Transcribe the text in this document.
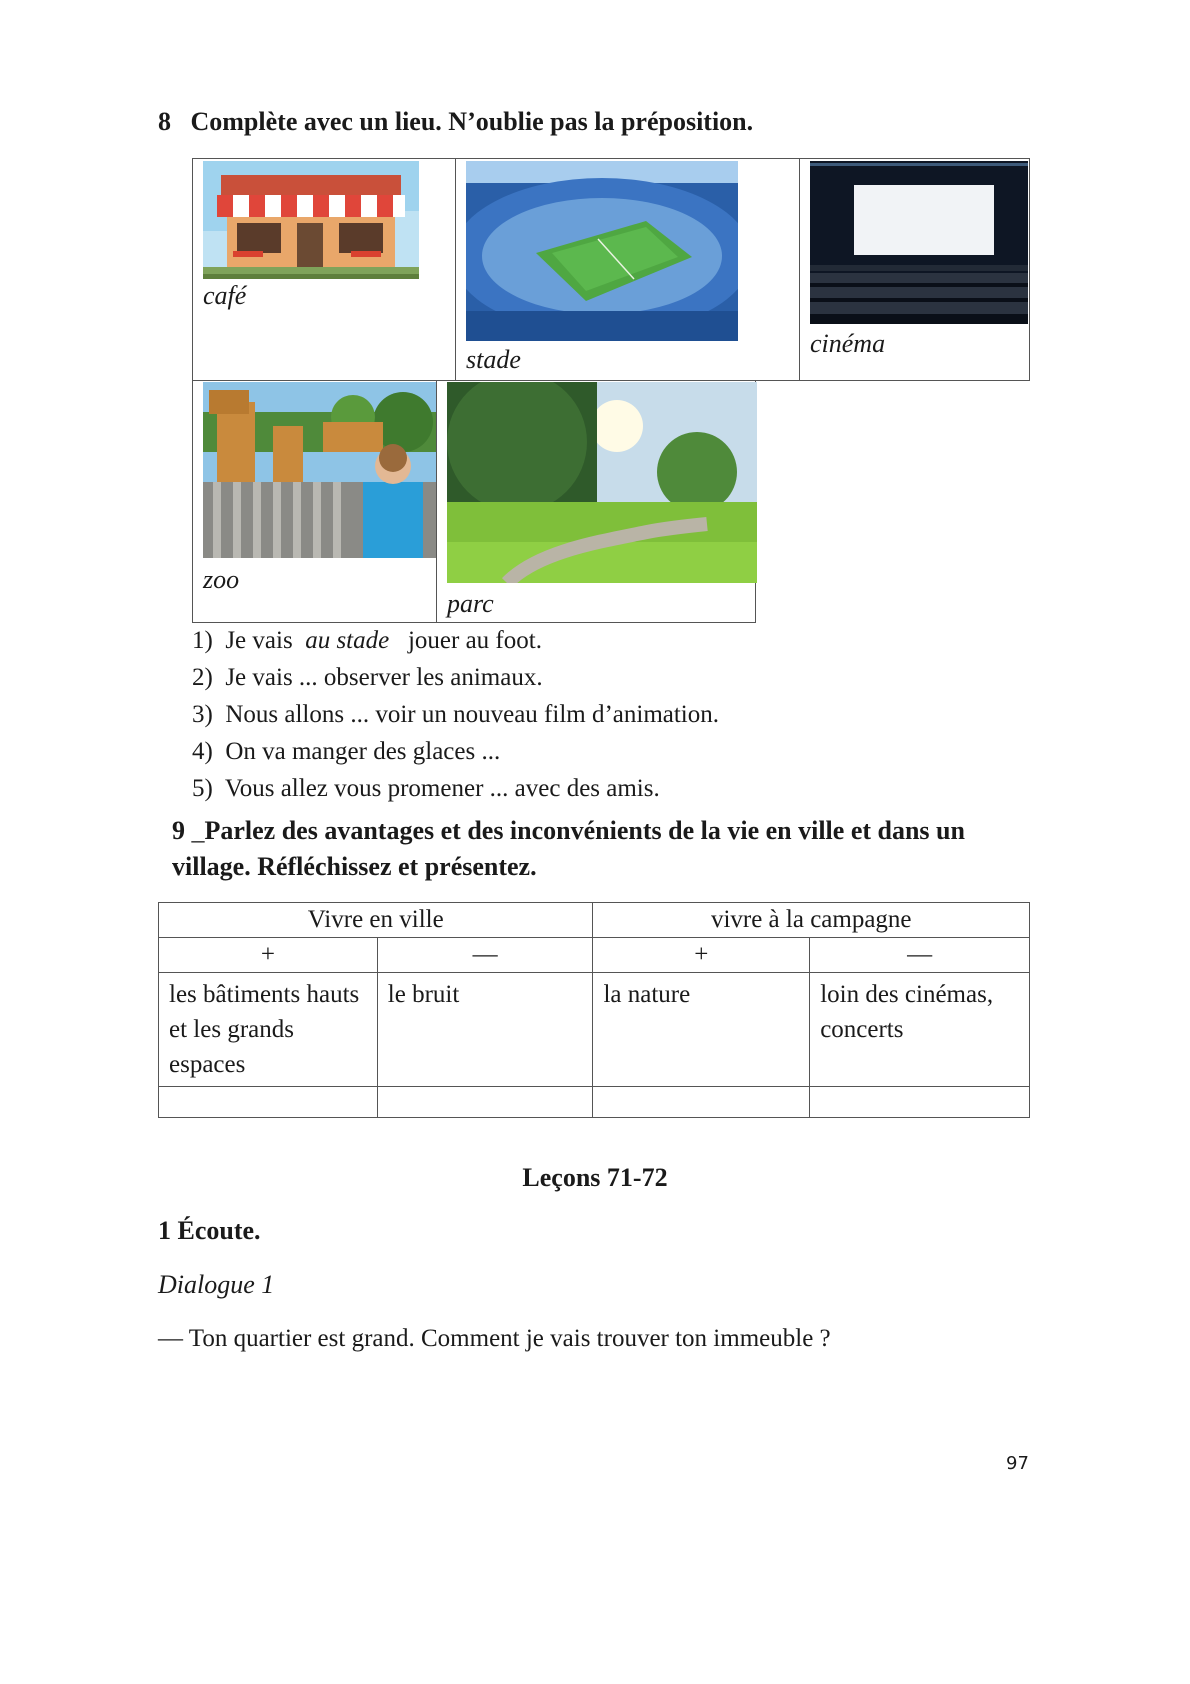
8 Complète avec un lieu. N’oublie pas la préposition.
café
stade
cinéma
zoo
parc
1) Je vais au stade jouer au foot.
2) Je vais ... observer les animaux.
3) Nous allons ... voir un nouveau film d’animation.
4) On va manger des glaces ...
5) Vous allez vous promener ... avec des amis.
9 _Parlez des avantages et des inconvénients de la vie en ville et dans un
village. Réfléchissez et présentez.
Vivre en ville		vivre à la campagne	
+	—	+	—
les bâtiments hauts et les grands espaces	le bruit	la nature	loin des cinémas, concerts

Leçons 71-72
1 Écoute.
Dialogue 1
— Ton quartier est grand. Comment je vais trouver ton immeuble ?
97
